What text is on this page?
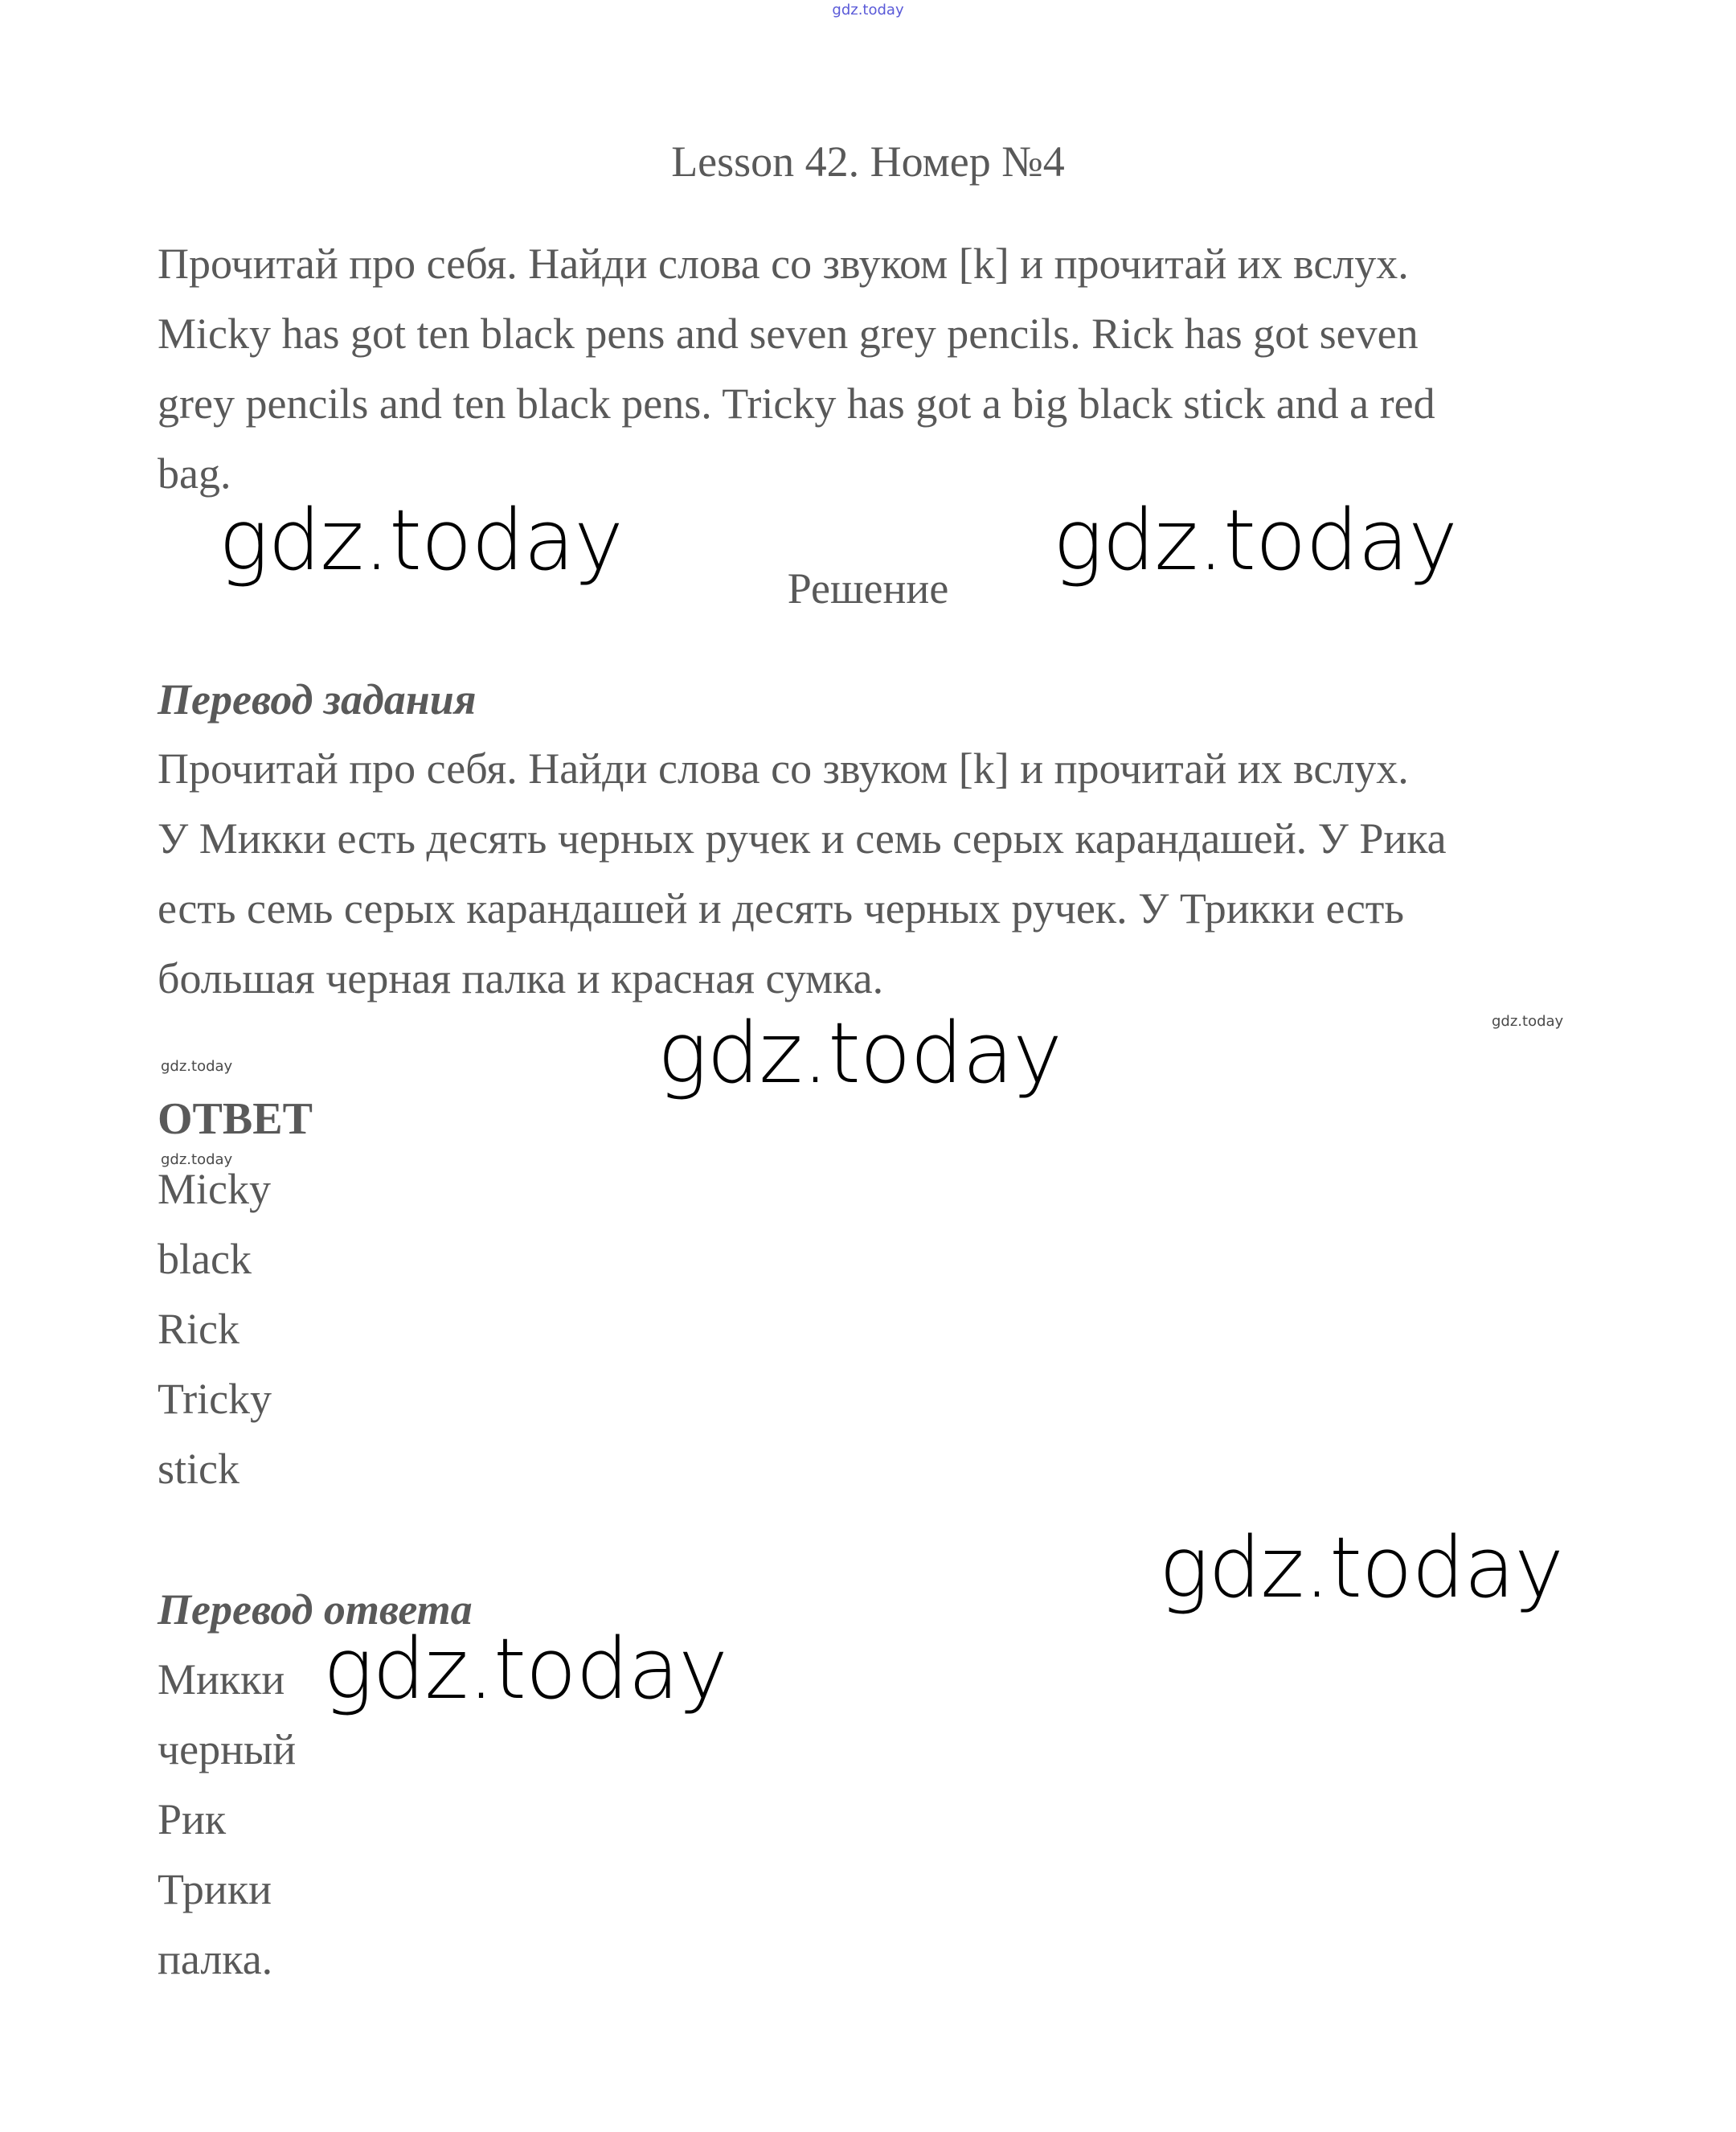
gdz.today
Lesson 42. Номер №4
Прочитай про себя. Найди слова со звуком [k] и прочитай их вслух.
Micky has got ten black pens and seven grey pencils. Rick has got seven
grey pencils and ten black pens. Tricky has got a big black stick and a red
bag.
gdz.today	gdz.today
Решение
Перевод задания
Прочитай про себя. Найди слова со звуком [k] и прочитай их вслух.
У Микки есть десять черных ручек и семь серых карандашей. У Рика
есть семь серых карандашей и десять черных ручек. У Трикки есть
большая черная палка и красная сумка.
gdz.today
gdz.today
gdz.today
ОТВЕТ
gdz.today
Micky
black
Rick
Tricky
stick
gdz.today
Перевод ответа
Микки gdz.today
черный
Рик
Трики
палка.
